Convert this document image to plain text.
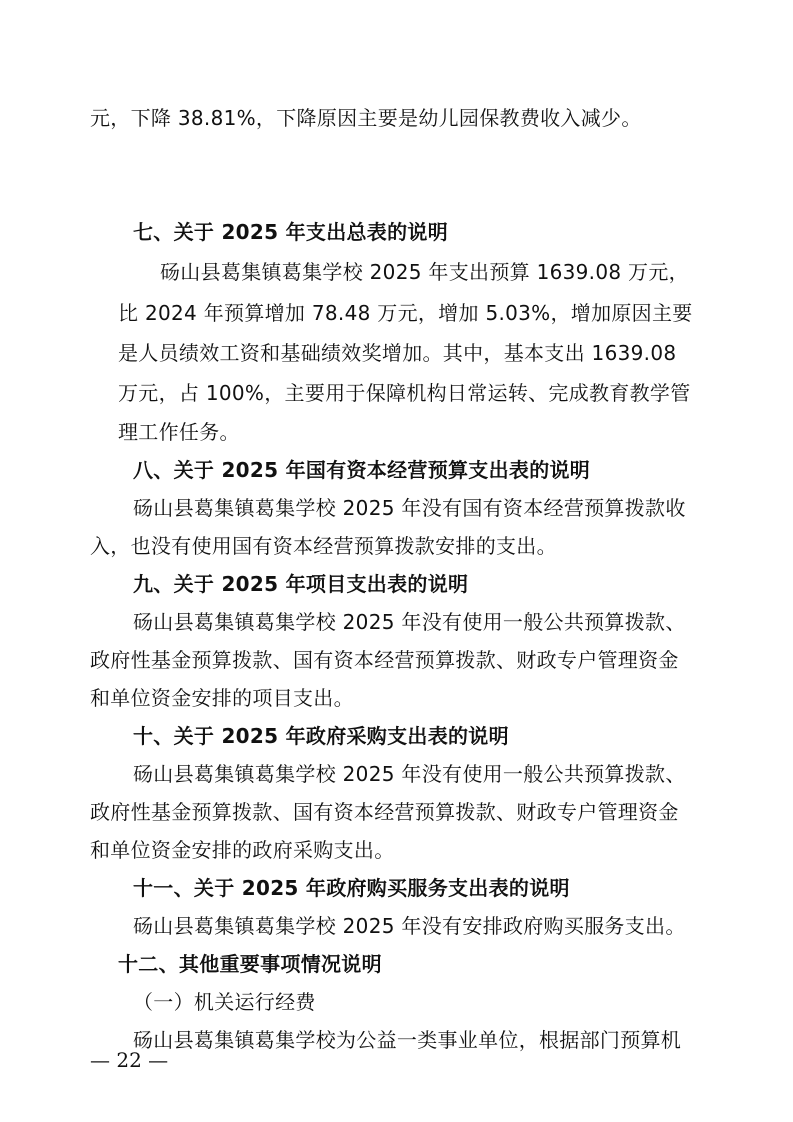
元，下降 38.81%，下降原因主要是幼儿园保教费收入减少。
七、关于 2025 年支出总表的说明
砀山县葛集镇葛集学校 2025 年支出预算 1639.08 万元，
比 2024 年预算增加 78.48 万元，增加 5.03%，增加原因主要
是人员绩效工资和基础绩效奖增加。其中，基本支出 1639.08
万元，占 100%，主要用于保障机构日常运转、完成教育教学管
理工作任务。
八、关于 2025 年国有资本经营预算支出表的说明
砀山县葛集镇葛集学校 2025 年没有国有资本经营预算拨款收
入，也没有使用国有资本经营预算拨款安排的支出。
九、关于 2025 年项目支出表的说明
砀山县葛集镇葛集学校 2025 年没有使用一般公共预算拨款、
政府性基金预算拨款、国有资本经营预算拨款、财政专户管理资金
和单位资金安排的项目支出。
十、关于 2025 年政府采购支出表的说明
砀山县葛集镇葛集学校 2025 年没有使用一般公共预算拨款、
政府性基金预算拨款、国有资本经营预算拨款、财政专户管理资金
和单位资金安排的政府采购支出。
十一、关于 2025 年政府购买服务支出表的说明
砀山县葛集镇葛集学校 2025 年没有安排政府购买服务支出。
十二、其他重要事项情况说明
（一）机关运行经费
砀山县葛集镇葛集学校为公益一类事业单位，根据部门预算机
— 22 —
